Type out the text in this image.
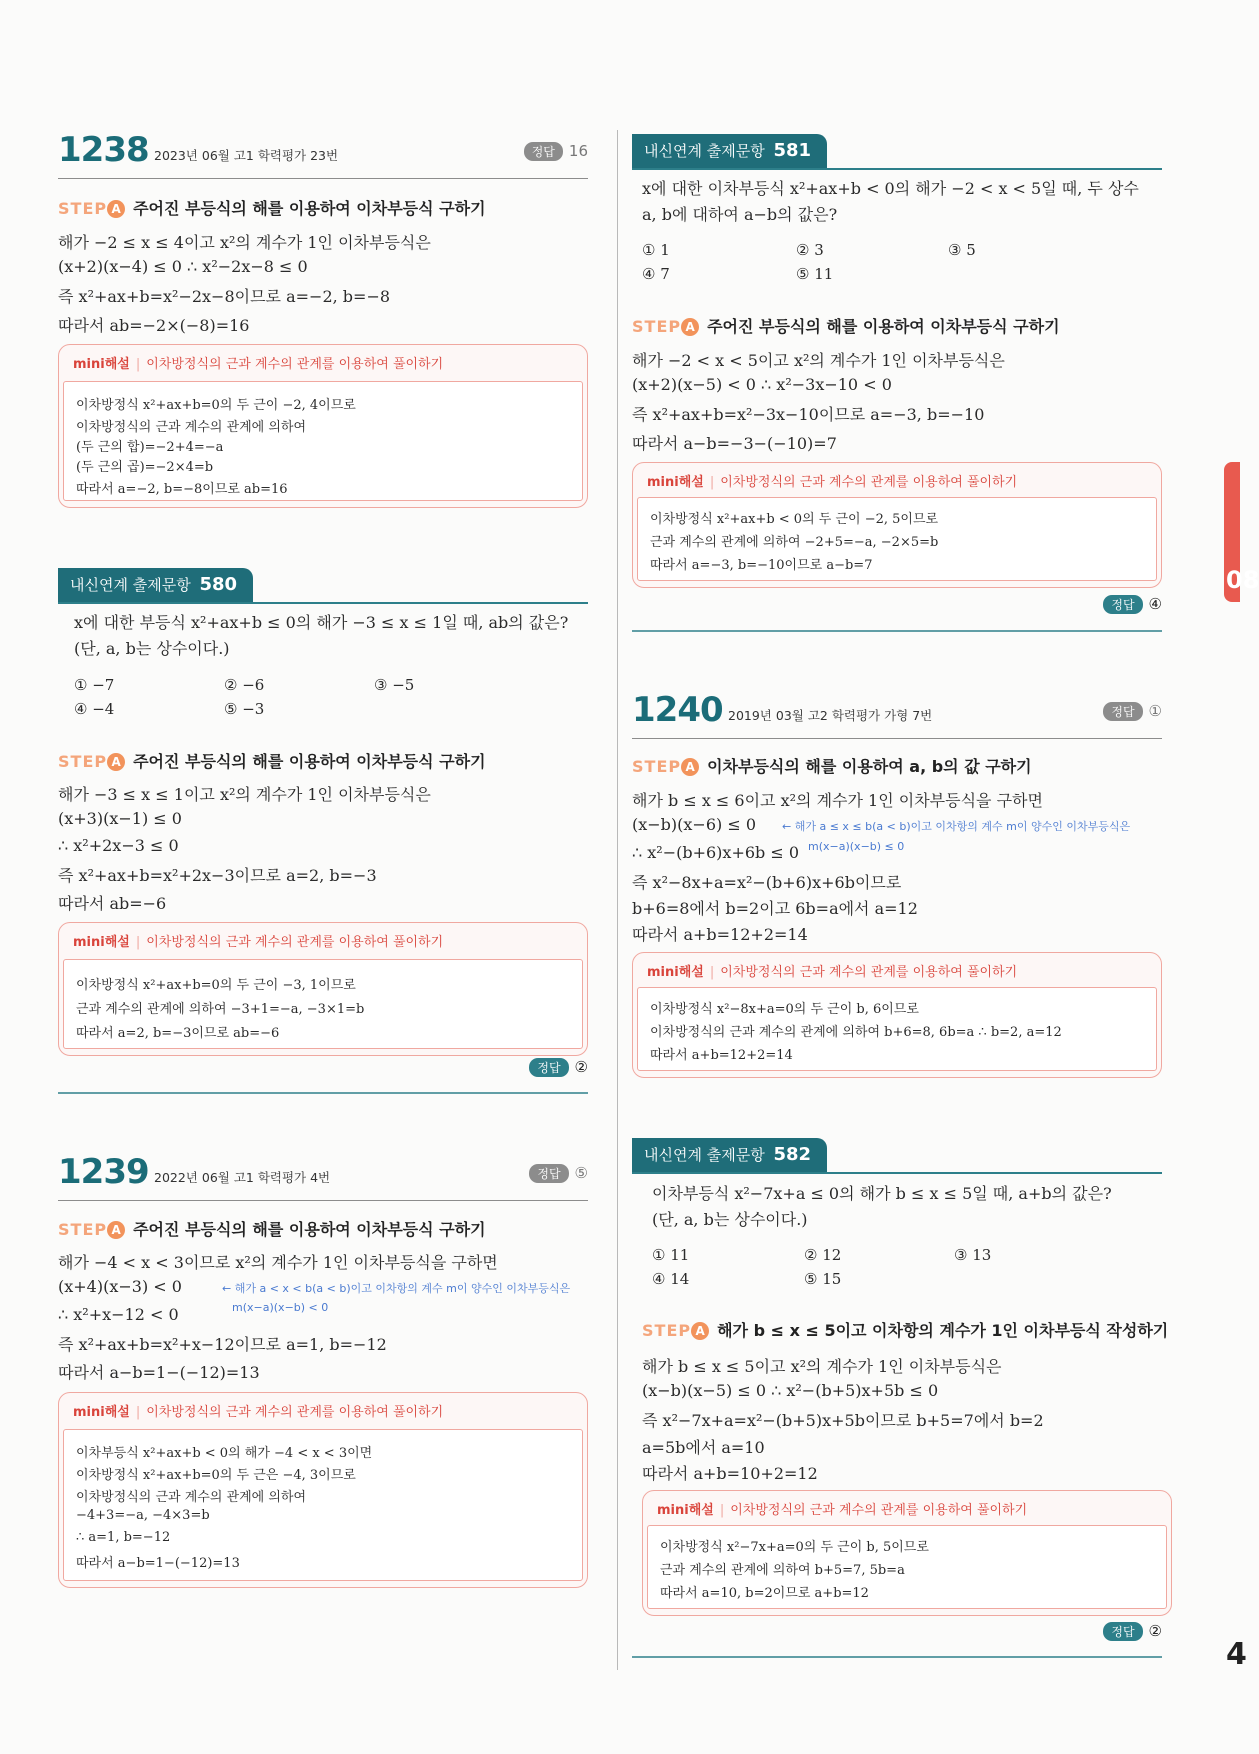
1238 2023년 06월 고1 학력평가 23번	정답 16
STEP A 주어진 부등식의 해를 이용하여 이차부등식 구하기
해가 −2 ≤ x ≤ 4이고 x²의 계수가 1인 이차부등식은
(x+2)(x−4) ≤ 0 ∴ x²−2x−8 ≤ 0
즉 x²+ax+b=x²−2x−8이므로 a=−2, b=−8
따라서 ab=−2×(−8)=16
mini해설 | 이차방정식의 근과 계수의 관계를 이용하여 풀이하기
이차방정식 x²+ax+b=0의 두 근이 −2, 4이므로
이차방정식의 근과 계수의 관계에 의하여
(두 근의 합)=−2+4=−a
(두 근의 곱)=−2×4=b
따라서 a=−2, b=−8이므로 ab=16
내신연계 출제문항 580
x에 대한 부등식 x²+ax+b ≤ 0의 해가 −3 ≤ x ≤ 1일 때, ab의 값은?
(단, a, b는 상수이다.)
① −7	② −6	③ −5
④ −4	⑤ −3
STEP A 주어진 부등식의 해를 이용하여 이차부등식 구하기
해가 −3 ≤ x ≤ 1이고 x²의 계수가 1인 이차부등식은
(x+3)(x−1) ≤ 0
∴ x²+2x−3 ≤ 0
즉 x²+ax+b=x²+2x−3이므로 a=2, b=−3
따라서 ab=−6
mini해설 | 이차방정식의 근과 계수의 관계를 이용하여 풀이하기
이차방정식 x²+ax+b=0의 두 근이 −3, 1이므로
근과 계수의 관계에 의하여 −3+1=−a, −3×1=b
따라서 a=2, b=−3이므로 ab=−6
정답 ②
1239 2022년 06월 고1 학력평가 4번	정답 ⑤
STEP A 주어진 부등식의 해를 이용하여 이차부등식 구하기
해가 −4 < x < 3이므로 x²의 계수가 1인 이차부등식을 구하면
(x+4)(x−3) < 0	← 해가 a < x < b(a < b)이고 이차항의 계수 m이 양수인 이차부등식은
m(x−a)(x−b) < 0
∴ x²+x−12 < 0
즉 x²+ax+b=x²+x−12이므로 a=1, b=−12
따라서 a−b=1−(−12)=13
mini해설 | 이차방정식의 근과 계수의 관계를 이용하여 풀이하기
이차부등식 x²+ax+b < 0의 해가 −4 < x < 3이면
이차방정식 x²+ax+b=0의 두 근은 −4, 3이므로
이차방정식의 근과 계수의 관계에 의하여
−4+3=−a, −4×3=b
∴ a=1, b=−12
따라서 a−b=1−(−12)=13
내신연계 출제문항 581
x에 대한 이차부등식 x²+ax+b < 0의 해가 −2 < x < 5일 때, 두 상수
a, b에 대하여 a−b의 값은?
① 1	② 3	③ 5
④ 7	⑤ 11
STEP A 주어진 부등식의 해를 이용하여 이차부등식 구하기
해가 −2 < x < 5이고 x²의 계수가 1인 이차부등식은
(x+2)(x−5) < 0 ∴ x²−3x−10 < 0
즉 x²+ax+b=x²−3x−10이므로 a=−3, b=−10
따라서 a−b=−3−(−10)=7
mini해설 | 이차방정식의 근과 계수의 관계를 이용하여 풀이하기
이차방정식 x²+ax+b < 0의 두 근이 −2, 5이므로
근과 계수의 관계에 의하여 −2+5=−a, −2×5=b
따라서 a=−3, b=−10이므로 a−b=7
정답 ④
1240 2019년 03월 고2 학력평가 가형 7번	정답 ①
STEP A 이차부등식의 해를 이용하여 a, b의 값 구하기
해가 b ≤ x ≤ 6이고 x²의 계수가 1인 이차부등식을 구하면
(x−b)(x−6) ≤ 0 ← 해가 a ≤ x ≤ b(a < b)이고 이차항의 계수 m이 양수인 이차부등식은
m(x−a)(x−b) ≤ 0
∴ x²−(b+6)x+6b ≤ 0
즉 x²−8x+a=x²−(b+6)x+6b이므로
b+6=8에서 b=2이고 6b=a에서 a=12
따라서 a+b=12+2=14
mini해설 | 이차방정식의 근과 계수의 관계를 이용하여 풀이하기
이차방정식 x²−8x+a=0의 두 근이 b, 6이므로
이차방정식의 근과 계수의 관계에 의하여 b+6=8, 6b=a ∴ b=2, a=12
따라서 a+b=12+2=14
내신연계 출제문항 582
이차부등식 x²−7x+a ≤ 0의 해가 b ≤ x ≤ 5일 때, a+b의 값은?
(단, a, b는 상수이다.)
① 11	② 12	③ 13
④ 14	⑤ 15
STEP A 해가 b ≤ x ≤ 5이고 이차항의 계수가 1인 이차부등식 작성하기
해가 b ≤ x ≤ 5이고 x²의 계수가 1인 이차부등식은
(x−b)(x−5) ≤ 0 ∴ x²−(b+5)x+5b ≤ 0
즉 x²−7x+a=x²−(b+5)x+5b이므로 b+5=7에서 b=2
a=5b에서 a=10
따라서 a+b=10+2=12
mini해설 | 이차방정식의 근과 계수의 관계를 이용하여 풀이하기
이차방정식 x²−7x+a=0의 두 근이 b, 5이므로
근과 계수의 관계에 의하여 b+5=7, 5b=a
따라서 a=10, b=2이므로 a+b=12
정답 ②
08
4
